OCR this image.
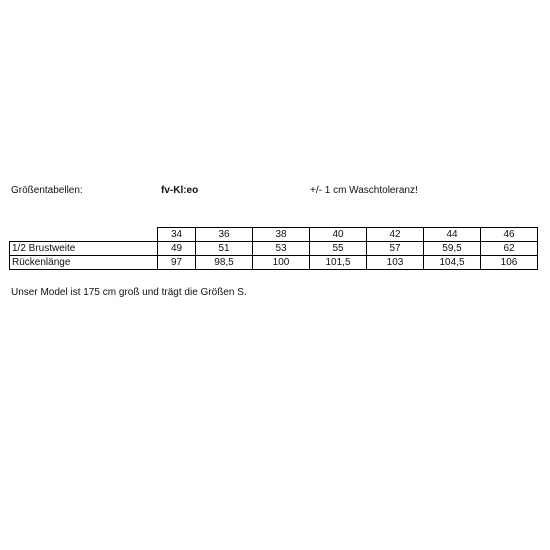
Größentabellen:	fv-Kl:eo	+/- 1 cm Waschtoleranz!
	34	36	38	40	42	44	46
1/2 Brustweite	49	51	53	55	57	59,5	62
Rückenlänge	97	98,5	100	101,5	103	104,5	106
Unser Model ist 175 cm groß und trägt die Größen S.
